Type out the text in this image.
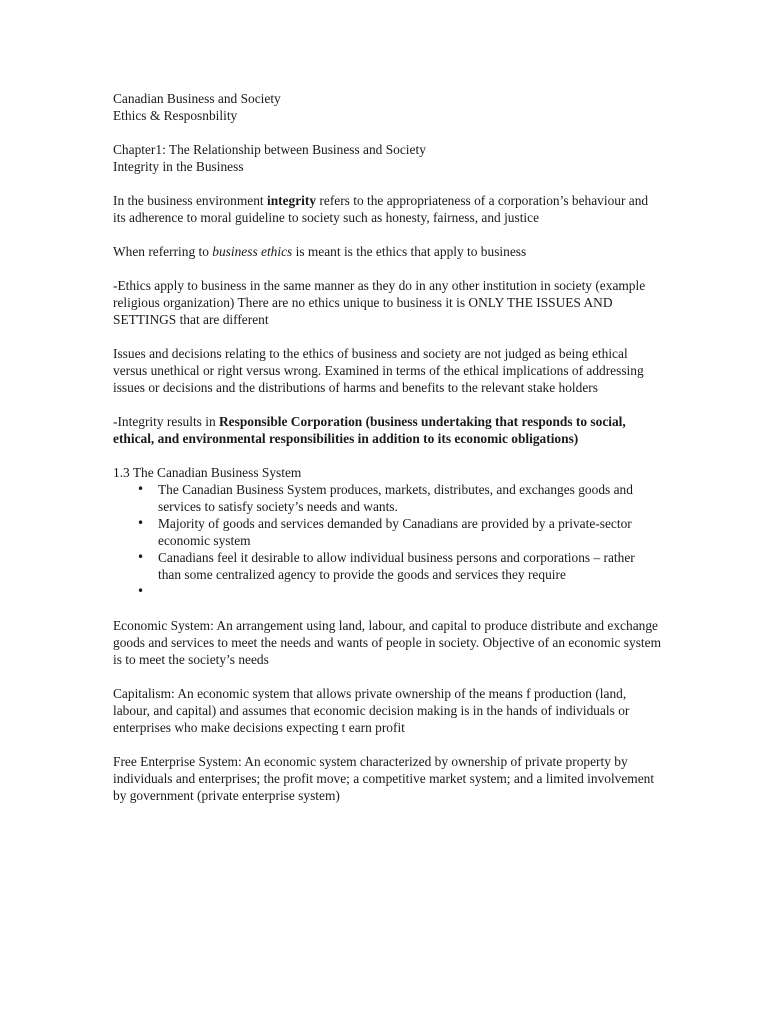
Canadian Business and Society

Ethics & Resposnbility

Chapter1: The Relationship between Business and Society

Integrity in the Business

In the business environment integrity refers to the appropriateness of a corporation’s behaviour and its adherence to moral guideline to society such as honesty, fairness, and justice

When referring to business ethics is meant is the ethics that apply to business

-Ethics apply to business in the same manner as they do in any other institution in society (example religious organization) There are no ethics unique to business it is ONLY THE ISSUES AND SETTINGS that are different

Issues and decisions relating to the ethics of business and society are not judged as being ethical versus unethical or right versus wrong. Examined in terms of the ethical implications of addressing issues or decisions and the distributions of harms and benefits to the relevant stake holders

-Integrity results in Responsible Corporation (business undertaking that responds to social, ethical, and environmental responsibilities in addition to its economic obligations)

1.3 The Canadian Business System

• The Canadian Business System produces, markets, distributes, and exchanges goods and services to satisfy society’s needs and wants.
• Majority of goods and services demanded by Canadians are provided by a private-sector economic system
• Canadians feel it desirable to allow individual business persons and corporations – rather than some centralized agency to provide the goods and services they require
•

Economic System: An arrangement using land, labour, and capital to produce distribute and exchange goods and services to meet the needs and wants of people in society. Objective of an economic system is to meet the society’s needs

Capitalism: An economic system that allows private ownership of the means f production (land, labour, and capital) and assumes that economic decision making is in the hands of individuals or enterprises who make decisions expecting t earn profit

Free Enterprise System: An economic system characterized by ownership of private property by individuals and enterprises; the profit move; a competitive market system; and a limited involvement by government (private enterprise system)
